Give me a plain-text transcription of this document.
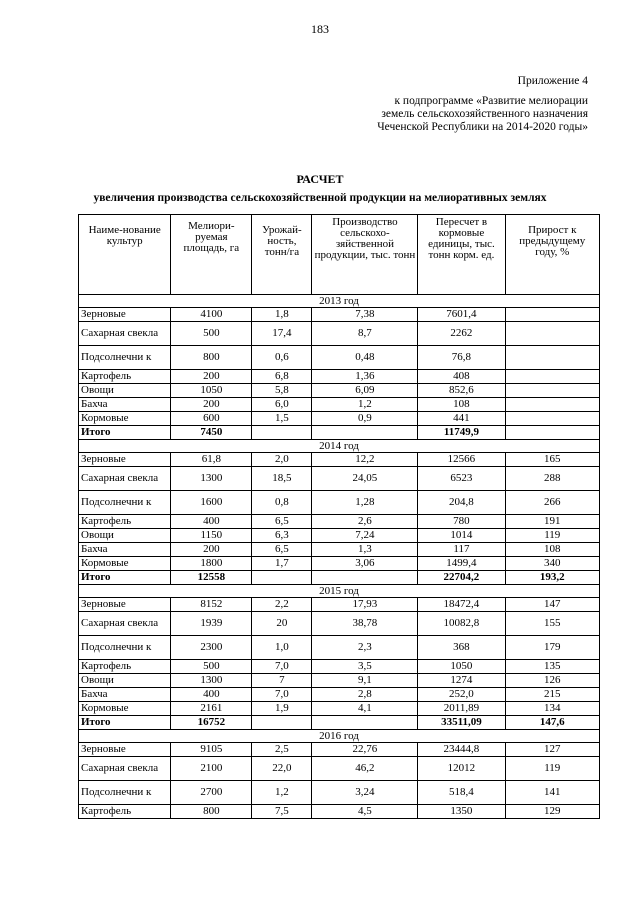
183
Приложение 4
к подпрограмме «Развитие мелиорации
земель сельскохозяйственного назначения
Чеченской Республики на 2014-2020 годы»
РАСЧЕТ
увеличения производства сельскохозяйственной продукции на мелиоративных землях
Наиме-нование культур	Мелиори-руемая площадь, га	Урожай-ность, тонн/га	Производство сельскохо-зяйственной продукции, тыс. тонн	Пересчет в кормовые единицы, тыс. тонн корм. ед.	Прирост к предыдущему году, %
2013 год					
Зерновые	4100	1,8	7,38	7601,4	
Сахарная свекла	500	17,4	8,7	2262	
Подсолнечни к	800	0,6	0,48	76,8	
Картофель	200	6,8	1,36	408	
Овощи	1050	5,8	6,09	852,6	
Бахча	200	6,0	1,2	108	
Кормовые	600	1,5	0,9	441	
Итого	7450			11749,9	
2014 год					
Зерновые	61,8	2,0	12,2	12566	165
Сахарная свекла	1300	18,5	24,05	6523	288
Подсолнечни к	1600	0,8	1,28	204,8	266
Картофель	400	6,5	2,6	780	191
Овощи	1150	6,3	7,24	1014	119
Бахча	200	6,5	1,3	117	108
Кормовые	1800	1,7	3,06	1499,4	340
Итого	12558			22704,2	193,2
2015 год					
Зерновые	8152	2,2	17,93	18472,4	147
Сахарная свекла	1939	20	38,78	10082,8	155
Подсолнечни к	2300	1,0	2,3	368	179
Картофель	500	7,0	3,5	1050	135
Овощи	1300	7	9,1	1274	126
Бахча	400	7,0	2,8	252,0	215
Кормовые	2161	1,9	4,1	2011,89	134
Итого	16752			33511,09	147,6
2016 год					
Зерновые	9105	2,5	22,76	23444,8	127
Сахарная свекла	2100	22,0	46,2	12012	119
Подсолнечни к	2700	1,2	3,24	518,4	141
Картофель	800	7,5	4,5	1350	129
